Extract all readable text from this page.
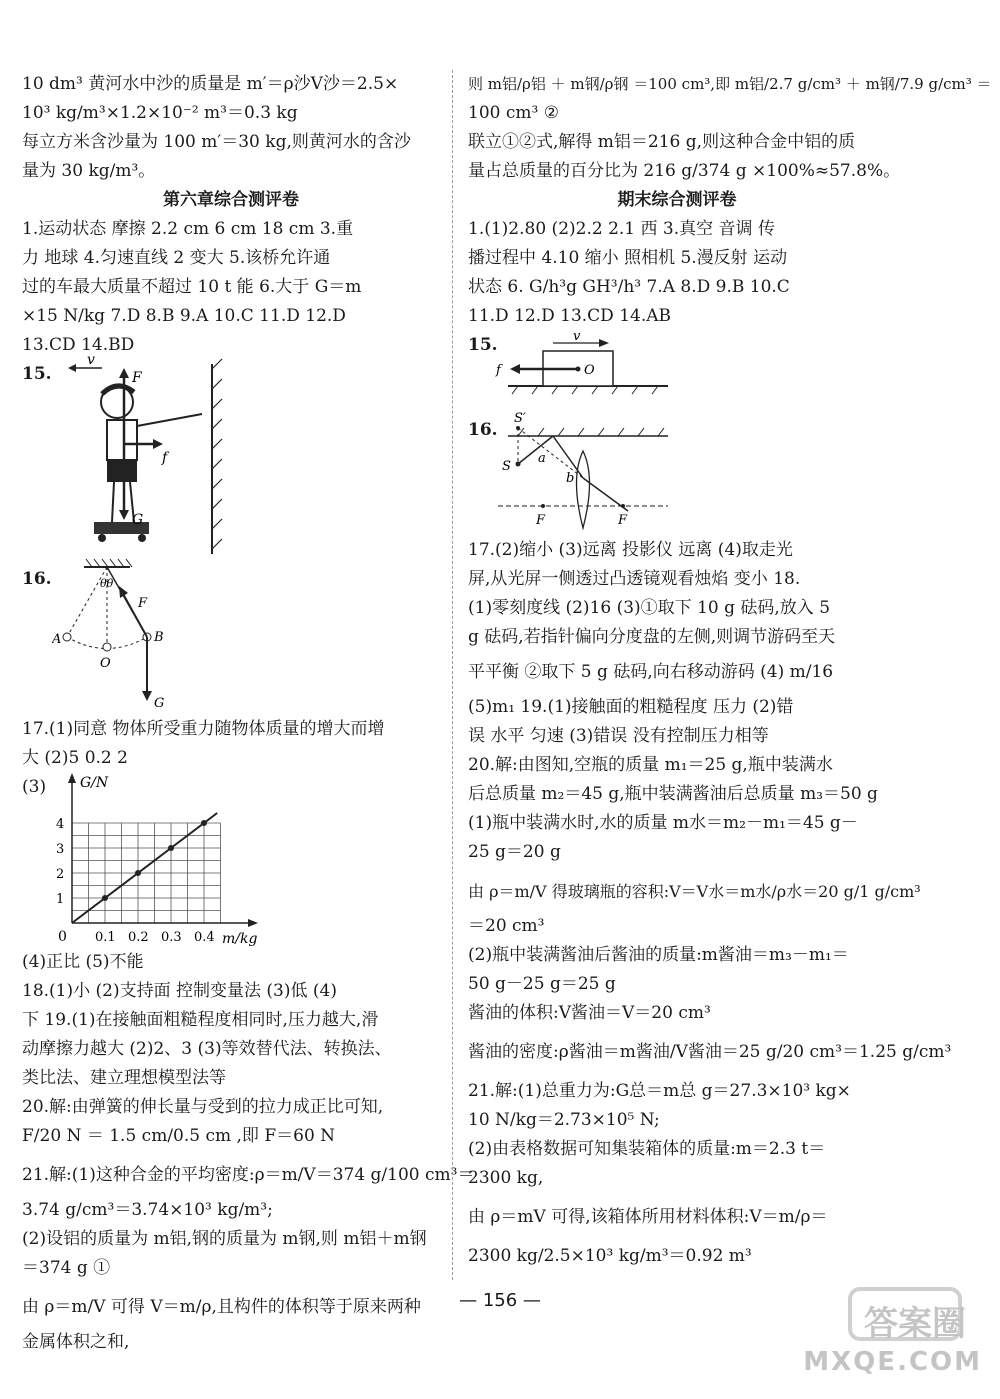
10 dm³ 黄河水中沙的质量是 m′＝ρ沙V沙＝2.5×
10³ kg/m³×1.2×10⁻² m³＝0.3 kg
每立方米含沙量为 100 m′＝30 kg,则黄河水的含沙
量为 30 kg/m³。
第六章综合测评卷
1.运动状态 摩擦 2.2 cm 6 cm 18 cm 3.重
力 地球 4.匀速直线 2 变大 5.该桥允许通
过的车最大质量不超过 10 t 能 6.大于 G＝m
×15 N/kg 7.D 8.B 9.A 10.C 11.D 12.D
13.CD 14.BD
15.
v
F
f
G
16.	θθ
F
G
A
O
B
17.(1)同意 物体所受重力随物体质量的增大而增
大 (2)5 0.2 2
(3) G/N
m/kg
0 0.1 0.2 0.3 0.4
1
2
3
4
(4)正比 (5)不能
18.(1)小 (2)支持面 控制变量法 (3)低 (4)
下 19.(1)在接触面粗糙程度相同时,压力越大,滑
动摩擦力越大 (2)2、3 (3)等效替代法、转换法、
类比法、建立理想模型法等
20.解:由弹簧的伸长量与受到的拉力成正比可知,
F/20 N ＝ 1.5 cm/0.5 cm ,即 F＝60 N
21.解:(1)这种合金的平均密度:ρ＝m/V＝374 g/100 cm³＝
3.74 g/cm³＝3.74×10³ kg/m³;
(2)设铝的质量为 m铝,钢的质量为 m钢,则 m铝＋m钢
＝374 g ①
由 ρ＝m/V 可得 V＝m/ρ,且构件的体积等于原来两种
金属体积之和,
则 m铝/ρ铝 ＋ m钢/ρ钢 ＝100 cm³,即 m铝/2.7 g/cm³ ＋ m钢/7.9 g/cm³ ＝
100 cm³ ②
联立①②式,解得 m铝＝216 g,则这种合金中铝的质
量占总质量的百分比为 216 g/374 g ×100%≈57.8%。
期末综合测评卷
1.(1)2.80 (2)2.2 2.1 西 3.真空 音调 传
播过程中 4.10 缩小 照相机 5.漫反射 运动
状态 6. G/h³g GH³/h³ 7.A 8.D 9.B 10.C
11.D 12.D 13.CD 14.AB
15.	v
O
f
16.
S′
S
a
b
F	F
17.(2)缩小 (3)远离 投影仪 远离 (4)取走光
屏,从光屏一侧透过凸透镜观看烛焰 变小 18.
(1)零刻度线 (2)16 (3)①取下 10 g 砝码,放入 5
g 砝码,若指针偏向分度盘的左侧,则调节游码至天
平平衡 ②取下 5 g 砝码,向右移动游码 (4) m/16
(5)m₁ 19.(1)接触面的粗糙程度 压力 (2)错
误 水平 匀速 (3)错误 没有控制压力相等
20.解:由图知,空瓶的质量 m₁＝25 g,瓶中装满水
后总质量 m₂＝45 g,瓶中装满酱油后总质量 m₃＝50 g
(1)瓶中装满水时,水的质量 m水＝m₂－m₁＝45 g－
25 g＝20 g
由 ρ＝m/V 得玻璃瓶的容积:V＝V水＝m水/ρ水＝20 g/1 g/cm³
＝20 cm³
(2)瓶中装满酱油后酱油的质量:m酱油＝m₃－m₁＝
50 g－25 g＝25 g
酱油的体积:V酱油＝V＝20 cm³
酱油的密度:ρ酱油＝m酱油/V酱油＝25 g/20 cm³＝1.25 g/cm³
21.解:(1)总重力为:G总＝m总 g＝27.3×10³ kg×
10 N/kg＝2.73×10⁵ N;
(2)由表格数据可知集装箱体的质量:m＝2.3 t＝
2300 kg,
由 ρ＝mV 可得,该箱体所用材料体积:V＝m/ρ＝
2300 kg/2.5×10³ kg/m³＝0.92 m³
— 156 —
答案圈
MXQE.COM
